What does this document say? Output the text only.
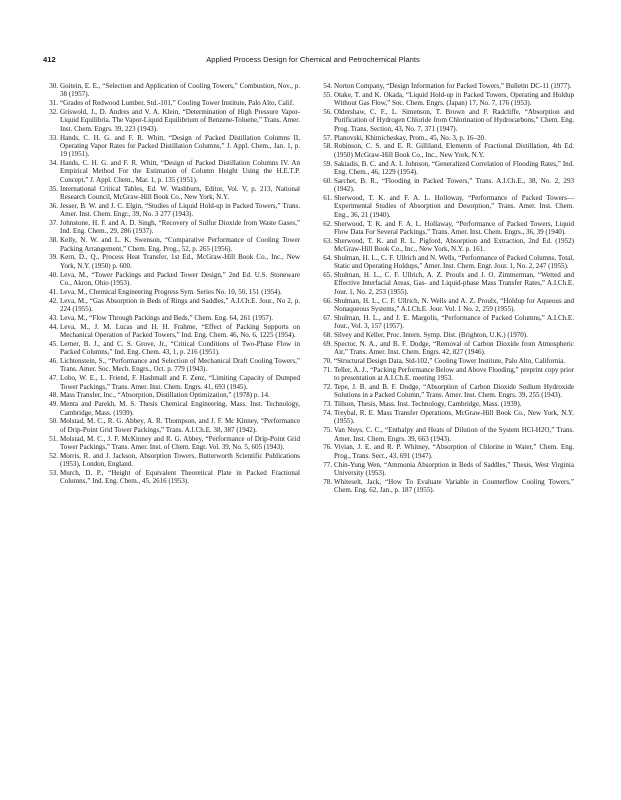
412	Applied Process Design for Chemical and Petrochemical Plants
30. Goitein, E. E., “Selection and Application of Cooling Towers,” Combustion, Nov., p. 38 (1957).
31. “Grades of Redwood Lumber, Std.-101,” Cooling Tower Institute, Palo Alto, Calif.
32. Griswold, J., D. Andres and V. A. Klein, “Determination of High Pressure Vapor-Liquid Equilibria. The Vapor-Liquid Equilibrium of Benzene-Toluene,” Trans. Amer. Inst. Chem. Engrs. 39, 223 (1943).
33. Hands, C. H. G. and F. R. Whitt, “Design of Packed Distillation Columns II, Operating Vapor Rates for Packed Distillation Columns,” J. Appl. Chem., Jan. 1, p. 19 (1951).
34. Hands, C. H. G. and F. R. Whitt, “Design of Packed Distillation Columns IV. An Empirical Method For the Estimation of Column Height Using the H.E.T.P. Concept,” J. Appl. Chem., Mar. 1, p. 135 (1951).
35. International Critical Tables, Ed. W. Washburn, Editor, Vol. V, p. 213, National Research Council, McGraw-Hill Book Co., New York, N.Y.
36. Jesser, B. W. and J. C. Elgin, “Studies of Liquid Hold-up in Packed Towers,” Trans. Amer. Inst. Chem. Engr., 39, No. 3 277 (1943).
37. Johnstone, H. F. and A. D. Singh, “Recovery of Sulfur Dioxide from Waste Gases,” Ind. Eng. Chem., 29, 286 (1937).
38. Kelly, N. W. and L. K. Swenson, “Comparative Performance of Cooling Tower Packing Arrangement,” Chem. Eng. Prog., 52, p. 265 (1956).
39. Kern, D., Q., Process Heat Transfer, 1st Ed., McGraw-Hill Book Co., Inc., New York, N.Y. (1950) p. 600.
40. Leva, M., “Tower Packings and Packed Tower Design,” 2nd Ed. U.S. Stoneware Co., Akron, Ohio (1953).
41. Leva, M., Chemical Engineering Progress Sym. Series No. 10, 50, 151 (1954).
42. Leva, M., “Gas Absorption in Beds of Rings and Saddles,” A.I.Ch.E. Jour., No 2, p. 224 (1955).
43. Leva, M., “Flow Through Packings and Beds,” Chem. Eng. 64, 261 (1957).
44. Leva, M., J. M. Lucas and H. H. Frahme, “Effect of Packing Supports on Mechanical Operation of Packed Towers,” Ind. Eng. Chem. 46, No. 6, 1225 (1954).
45. Lerner, B. J., and C. S. Grove, Jr., “Critical Conditions of Two-Phase Flow in Packed Columns,” Ind. Eng. Chem. 43, 1, p. 216 (1951).
46. Lichtenstein, S., “Performance and Selection of Mechanical Draft Cooling Towers,” Trans. Amer. Soc. Mech. Engrs., Oct. p. 779 (1943).
47. Lobo, W. E., L. Friend, F. Hashmall and F. Zenz, “Limiting Capacity of Dumped Tower Packings,” Trans. Amer. Inst. Chem. Engrs. 41, 693 (1945).
48. Mass Transfer, Inc., “Absorption, Distillation Optimization,” (1978) p. 14.
49. Menta and Parekh, M. S. Thesis Chemical Engineering, Mass. Inst. Technology, Cambridge, Mass. (1939).
50. Molstad, M. C., R. G. Abbey, A. R. Thompson, and J. F. Mc Kinney, “Performance of Drip-Point Grid Tower Packings,” Trans. A.I.Ch.E. 38, 387 (1942).
51. Molstad, M. C., J. F. McKinney and R. G. Abbey, “Performance of Drip-Point Grid Tower Packings,” Trans. Amer. Inst. of Chem. Engr. Vol. 39, No. 5, 605 (1943).
52. Morris, R. and J. Jackson, Absorption Towers, Butterworth Scientific Publications (1953), London, England.
53. Murch, D. P., “Height of Equivalent Theoretical Plate in Packed Fractional Columns,” Ind. Eng. Chem., 45, 2616 (1953).
54. Norton Company, “Design Information for Packed Towers,” Bulletin DC-11 (1977).
55. Otake, T. and K. Okada, “Liquid Hold-up in Packed Towers, Operating and Holdup Without Gas Flow,” Soc. Chem. Engrs. (Japan) 17, No. 7, 176 (1953).
56. Oldershaw, C. F., L. Simenson, T. Brown and F. Radcliffe, “Absorption and Purification of Hydrogen Chloride from Chlorination of Hydrocarbons,” Chem. Eng. Prog. Trans. Section, 43, No. 7, 371 (1947).
57. Planovski, Khimicheskay, Prom., 45, No. 3, p. 16–20.
58. Robinson, C. S. and E. R. Gilliland, Elements of Fractional Distillation, 4th Ed. (1950) McGraw-Hill Book Co., Inc., New York, N.Y.
59. Sakiadis, B. C. and A. I. Johnson, “Generalized Correlation of Flooding Rates,” Ind. Eng. Chem., 46, 1229 (1954).
60. Sarchet, B. R., “Flooding in Packed Towers,” Trans. A.I.Ch.E., 38, No. 2, 293 (1942).
61. Sherwood, T. K. and F. A. L. Holloway, “Performance of Packed Towers—Experimental Studies of Absorption and Desorption,” Trans. Amer. Inst. Chem. Eng., 36, 21 (1940).
62. Sherwood, T. K. and F. A. L. Hollaway, “Performance of Packed Towers, Liquid Flow Data For Several Packings,” Trans. Amer. Inst. Chem. Engrs., 36, 39 (1940).
63. Sherwood, T. K. and R. L. Pigford, Absorption and Extraction, 2nd Ed. (1952) McGraw-Hill Book Co., Inc., New York, N.Y. p. 161.
64. Shulman, H. L., C. F. Ullrich and N. Wells, “Performance of Packed Columns, Total, Static and Operating Holdups,” Amer. Inst. Chem. Engr. Jour. 1, No. 2, 247 (1955).
65. Shulman, H. L., C. F. Ullrich, A. Z. Proulx and J. O. Zimmerman, “Wetted and Effective Interfacial Areas, Gas- and Liquid-phase Mass Transfer Rates,” A.I.Ch.E. Jour. 1, No. 2, 253 (1955).
66. Shulman, H. L., C. F. Ullrich, N. Wells and A. Z. Proulx, “Holdup for Aqueous and Nonaqueous Systems,” A.I.Ch.E. Jour. Vol. 1 No. 2, 259 (1955).
67. Shulman, H. L., and J. E. Margolis, “Performance of Packed Columns,” A.I.Ch.E. Jour., Vol. 3, 157 (1957).
68. Silvey and Keller, Proc. Intern. Symp. Dist. (Brighton, U.K.) (1970).
69. Spector, N. A., and B. F. Dodge, “Removal of Carbon Dioxide from Atmospheric Air,” Trans. Amer. Inst. Chem. Engrs. 42, 827 (1946).
70. “Structural Design Data, Std-102,” Cooling Tower Institute, Palo Alto, California.
71. Teller, A. J., “Packing Performance Below and Above Flooding,” preprint copy prior to presentation at A.I.Ch.E. meeting 1953.
72. Tepe, J. B. and B. F. Dodge, “Absorption of Carbon Dioxide Sodium Hydroxide Solutions in a Packed Column,” Trans. Amer. Inst. Chem. Engrs. 39, 255 (1943).
73. Tillson, Thesis, Mass. Inst. Technology, Cambridge, Mass. (1939).
74. Treybal, R. E. Mass Transfer Operations, McGraw-Hill Book Co., New York, N.Y. (1955).
75. Van Nuys, C. C., “Enthalpy and Heats of Dilution of the System HCl-H2O,” Trans. Amer. Inst. Chem. Engrs. 39, 663 (1943).
76. Vivian, J. E. and R. P. Whitney, “Absorption of Chlorine in Water,” Chem. Eng. Prog., Trans. Sect., 43, 691 (1947).
77. Chin-Yung Wen, “Ammonia Absorption in Beds of Saddles,” Thesis, West Virginia University (1953).
78. Whiteselt, Jack, “How To Evaluate Variable in Counterflow Cooling Towers,” Chem. Eng. 62, Jan., p. 187 (1955).
